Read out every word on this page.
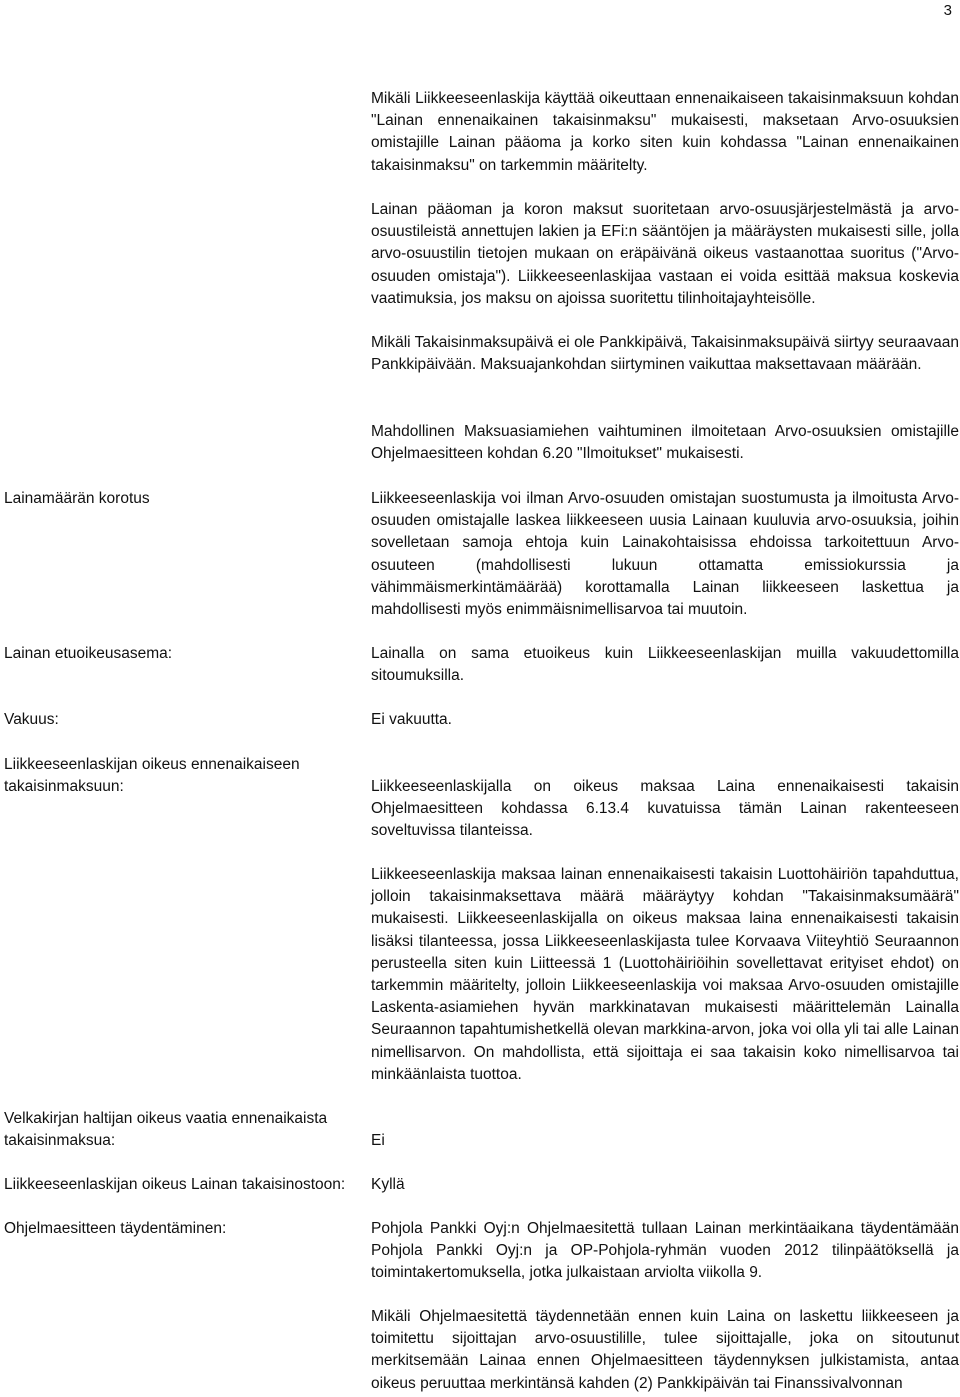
3

Mikäli Liikkeeseenlaskija käyttää oikeuttaan ennenaikaiseen takaisinmaksuun kohdan "Lainan ennenaikainen takaisinmaksu" mukaisesti, maksetaan Arvo-osuuksien omistajille Lainan pääoma ja korko siten kuin kohdassa "Lainan ennenaikainen takaisinmaksu" on tarkemmin määritelty.

Lainan pääoman ja koron maksut suoritetaan arvo-osuusjärjestelmästä ja arvo-osuustileistä annettujen lakien ja EFi:n sääntöjen ja määräysten mukaisesti sille, jolla arvo-osuustilin tietojen mukaan on eräpäivänä oikeus vastaanottaa suoritus ("Arvo-osuuden omistaja"). Liikkeeseenlaskijaa vastaan ei voida esittää maksua koskevia vaatimuksia, jos maksu on ajoissa suoritettu tilinhoitajayhteisölle.

Mikäli Takaisinmaksupäivä ei ole Pankkipäivä, Takaisinmaksupäivä siirtyy seuraavaan Pankkipäivään. Maksuajankohdan siirtyminen vaikuttaa maksettavaan määrään.

Mahdollinen Maksuasiamiehen vaihtuminen ilmoitetaan Arvo-osuuksien omistajille Ohjelmaesitteen kohdan 6.20 "Ilmoitukset" mukaisesti.

Lainamäärän korotus	Liikkeeseenlaskija voi ilman Arvo-osuuden omistajan suostumusta ja ilmoitusta Arvo-osuuden omistajalle laskea liikkeeseen uusia Lainaan kuuluvia arvo-osuuksia, joihin sovelletaan samoja ehtoja kuin Lainakohtaisissa ehdoissa tarkoitettuun Arvo-osuuteen (mahdollisesti lukuun ottamatta emissiokurssia ja vähimmäismerkintämäärää) korottamalla Lainan liikkeeseen laskettua ja mahdollisesti myös enimmäisnimellisarvoa tai muutoin.

Lainan etuoikeusasema:	Lainalla on sama etuoikeus kuin Liikkeeseenlaskijan muilla vakuudettomilla sitoumuksilla.

Vakuus:	Ei vakuutta.

Liikkeeseenlaskijan oikeus ennenaikaiseen takaisinmaksuun:	Liikkeeseenlaskijalla on oikeus maksaa Laina ennenaikaisesti takaisin Ohjelmaesitteen kohdassa 6.13.4 kuvatuissa tämän Lainan rakenteeseen soveltuvissa tilanteissa.

Liikkeeseenlaskija maksaa lainan ennenaikaisesti takaisin Luottohäiriön tapahduttua, jolloin takaisinmaksettava määrä määräytyy kohdan "Takaisinmaksumäärä" mukaisesti. Liikkeeseenlaskijalla on oikeus maksaa laina ennenaikaisesti takaisin lisäksi tilanteessa, jossa Liikkeeseenlaskijasta tulee Korvaava Viiteyhtiö Seuraannon perusteella siten kuin Liitteessä 1 (Luottohäiriöihin sovellettavat erityiset ehdot) on tarkemmin määritelty, jolloin Liikkeeseenlaskija voi maksaa Arvo-osuuden omistajille Laskenta-asiamiehen hyvän markkinatavan mukaisesti määrittelemän Lainalla Seuraannon tapahtumishetkellä olevan markkina-arvon, joka voi olla yli tai alle Lainan nimellisarvon. On mahdollista, että sijoittaja ei saa takaisin koko nimellisarvoa tai minkäänlaista tuottoa.

Velkakirjan haltijan oikeus vaatia ennenaikaista takaisinmaksua:	Ei

Liikkeeseenlaskijan oikeus Lainan takaisinostoon:	Kyllä

Ohjelmaesitteen täydentäminen:	Pohjola Pankki Oyj:n Ohjelmaesitettä tullaan Lainan merkintäaikana täydentämään Pohjola Pankki Oyj:n ja OP-Pohjola-ryhmän vuoden 2012 tilinpäätöksellä ja toimintakertomuksella, jotka julkaistaan arviolta viikolla 9.

Mikäli Ohjelmaesitettä täydennetään ennen kuin Laina on laskettu liikkeeseen ja toimitettu sijoittajan arvo-osuustilille, tulee sijoittajalle, joka on sitoutunut merkitsemään Lainaa ennen Ohjelmaesitteen täydennyksen julkistamista, antaa oikeus peruuttaa merkintänsä kahden (2) Pankkipäivän tai Finanssivalvonnan
